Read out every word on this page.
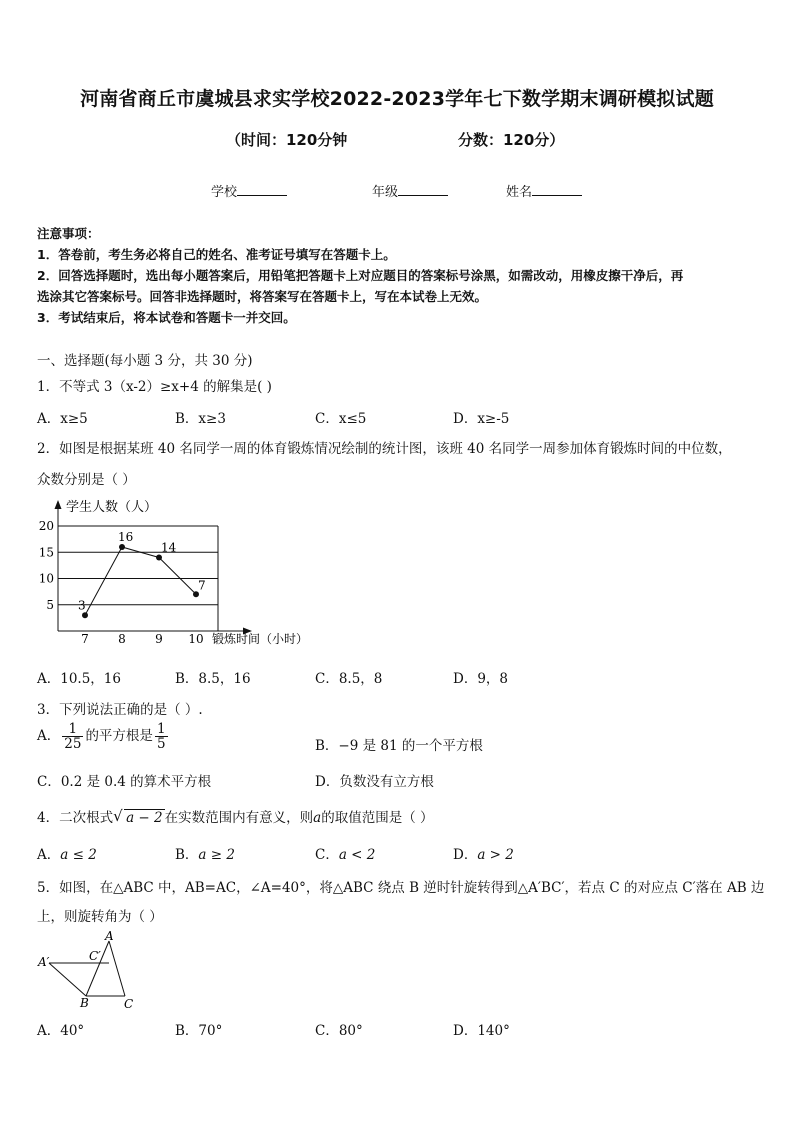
河南省商丘市虞城县求实学校2022-2023学年七下数学期末调研模拟试题
（时间：120分钟	分数：120分）
学校	年级	姓名
注意事项：
1．答卷前，考生务必将自己的姓名、准考证号填写在答题卡上。
2．回答选择题时，选出每小题答案后，用铅笔把答题卡上对应题目的答案标号涂黑，如需改动，用橡皮擦干净后，再
选涂其它答案标号。回答非选择题时，将答案写在答题卡上，写在本试卷上无效。
3．考试结束后，将本试卷和答题卡一并交回。
一、选择题(每小题 3 分，共 30 分)
1．不等式 3（x-2）≥x+4 的解集是( )
A．x≥5	B．x≥3	C．x≤5	D．x≥-5
2．如图是根据某班 40 名同学一周的体育锻炼情况绘制的统计图，该班 40 名同学一周参加体育锻炼时间的中位数，
众数分别是（ ）
学生人数（人）
锻炼时间（小时）
5
10
15
20
7 8 9 10
3
16
14
7
A．10.5，16	B．8.5，16	C．8.5，8	D．9，8
3．下列说法正确的是（ ）.
A． $\frac{1}{25}$ 的平方根是 $\frac{1}{5}$	B．−9 是 81 的一个平方根
C．0.2 是 0.4 的算术平方根	D．负数没有立方根
4．二次根式 √ a − 2 在实数范围内有意义，则a的取值范围是（ ）
A．a ≤ 2	B．a ≥ 2	C．a < 2	D．a > 2
5．如图，在△ABC 中，AB=AC，∠A=40°，将△ABC 绕点 B 逆时针旋转得到△A′BC′，若点 C 的对应点 C′落在 AB 边
上，则旋转角为（ ）
A
A′	C′
B	C
A．40°	B．70°	C．80°	D．140°
